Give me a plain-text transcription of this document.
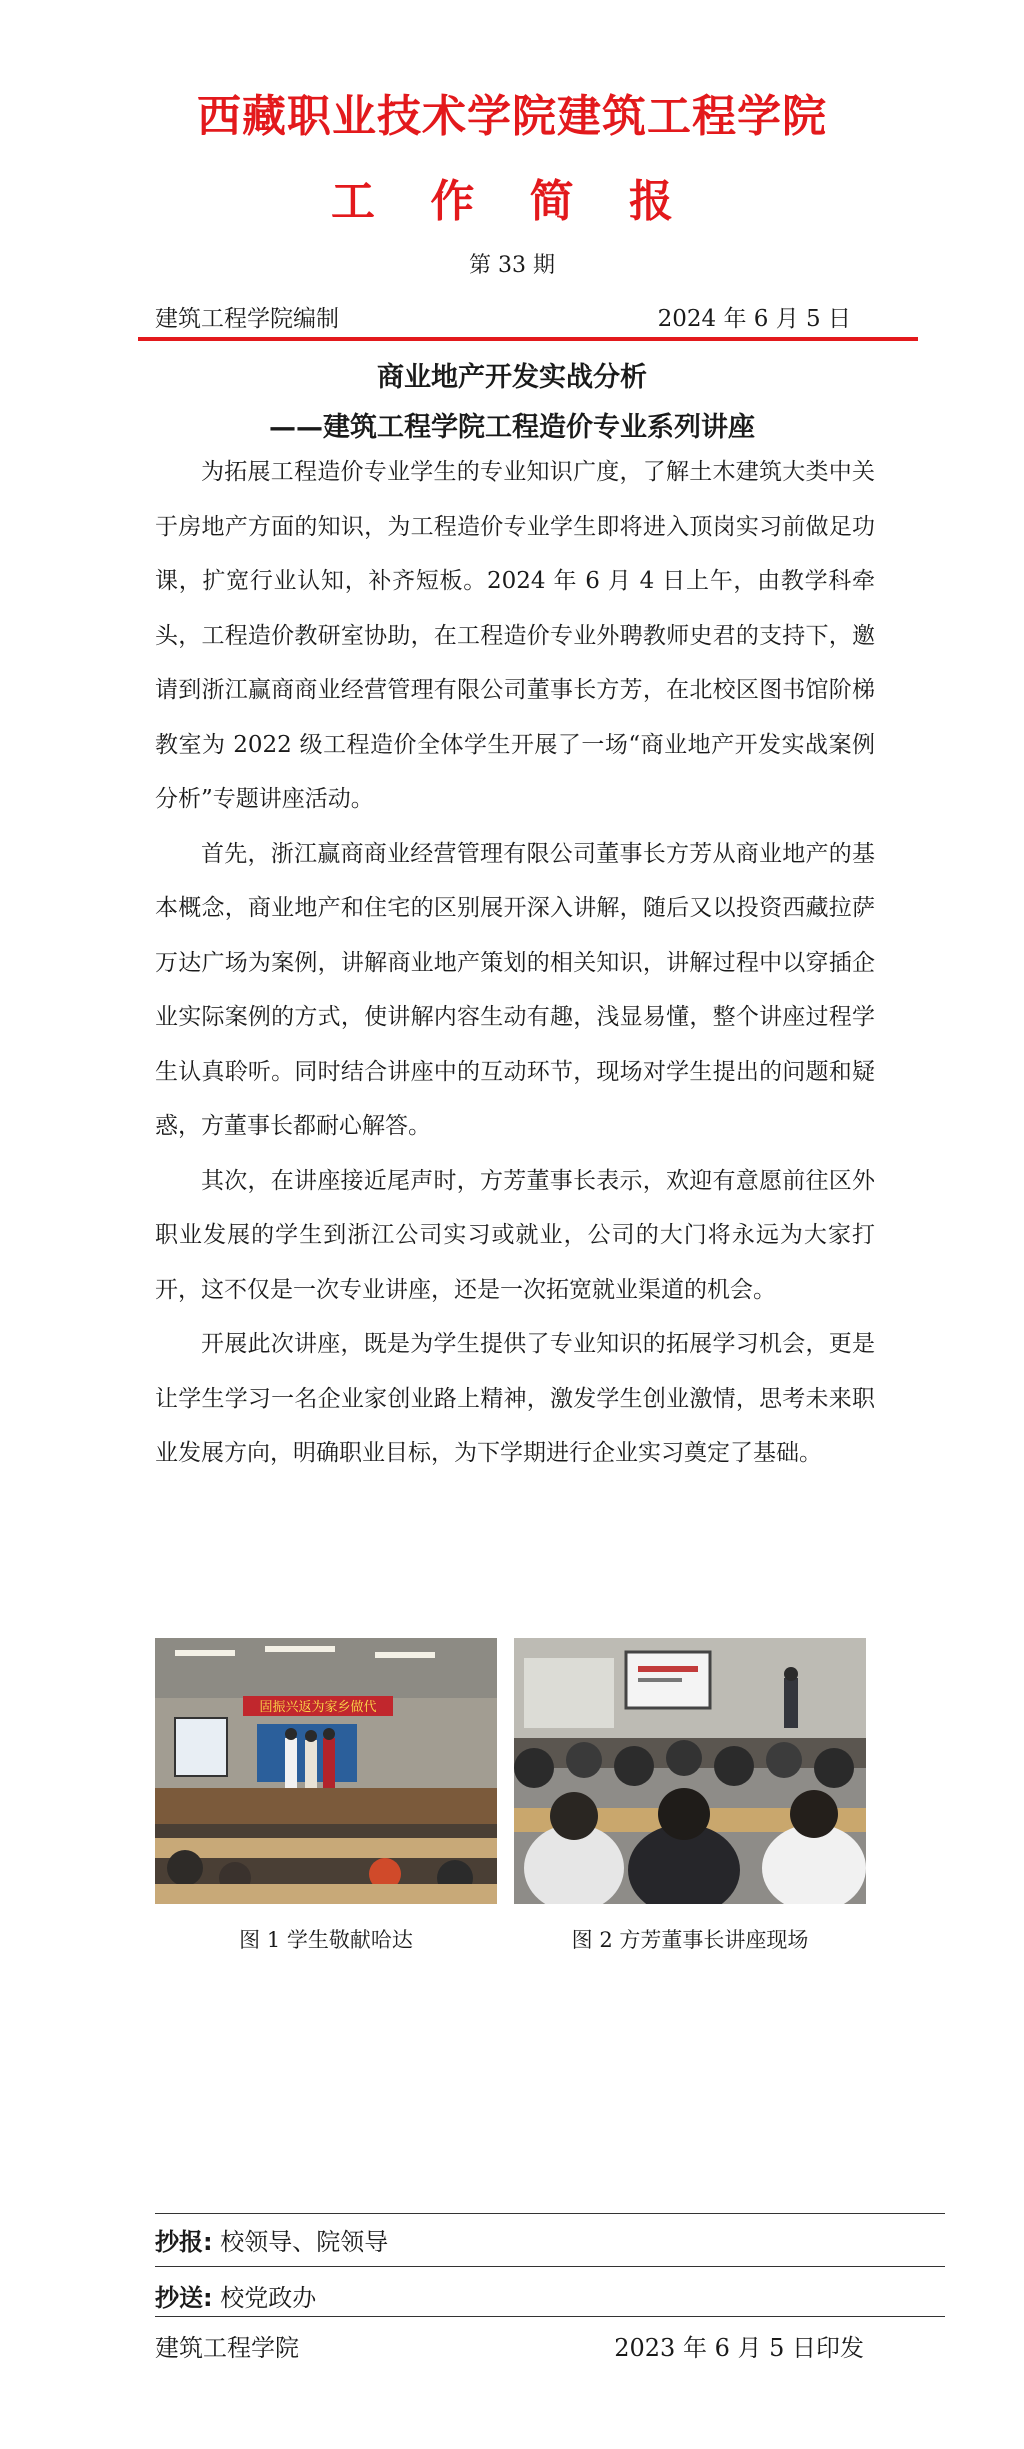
西藏职业技术学院建筑工程学院
工 作 简 报
第 33 期
建筑工程学院编制	2024 年 6 月 5 日
商业地产开发实战分析
——建筑工程学院工程造价专业系列讲座

为拓展工程造价专业学生的专业知识广度，了解土木建筑大类中关于房地产方面的知识，为工程造价专业学生即将进入顶岗实习前做足功课，扩宽行业认知，补齐短板。2024 年 6 月 4 日上午，由教学科牵头，工程造价教研室协助，在工程造价专业外聘教师史君的支持下，邀请到浙江赢商商业经营管理有限公司董事长方芳，在北校区图书馆阶梯教室为 2022 级工程造价全体学生开展了一场“商业地产开发实战案例分析”专题讲座活动。

首先，浙江赢商商业经营管理有限公司董事长方芳从商业地产的基本概念，商业地产和住宅的区别展开深入讲解，随后又以投资西藏拉萨万达广场为案例，讲解商业地产策划的相关知识，讲解过程中以穿插企业实际案例的方式，使讲解内容生动有趣，浅显易懂，整个讲座过程学生认真聆听。同时结合讲座中的互动环节，现场对学生提出的问题和疑惑，方董事长都耐心解答。

其次，在讲座接近尾声时，方芳董事长表示，欢迎有意愿前往区外职业发展的学生到浙江公司实习或就业，公司的大门将永远为大家打开，这不仅是一次专业讲座，还是一次拓宽就业渠道的机会。

开展此次讲座，既是为学生提供了专业知识的拓展学习机会，更是让学生学习一名企业家创业路上精神，激发学生创业激情，思考未来职业发展方向，明确职业目标，为下学期进行企业实习奠定了基础。

固振兴返为家乡做代
图 1 学生敬献哈达	图 2 方芳董事长讲座现场
抄报: 校领导、院领导
抄送: 校党政办
建筑工程学院	2023 年 6 月 5 日印发
